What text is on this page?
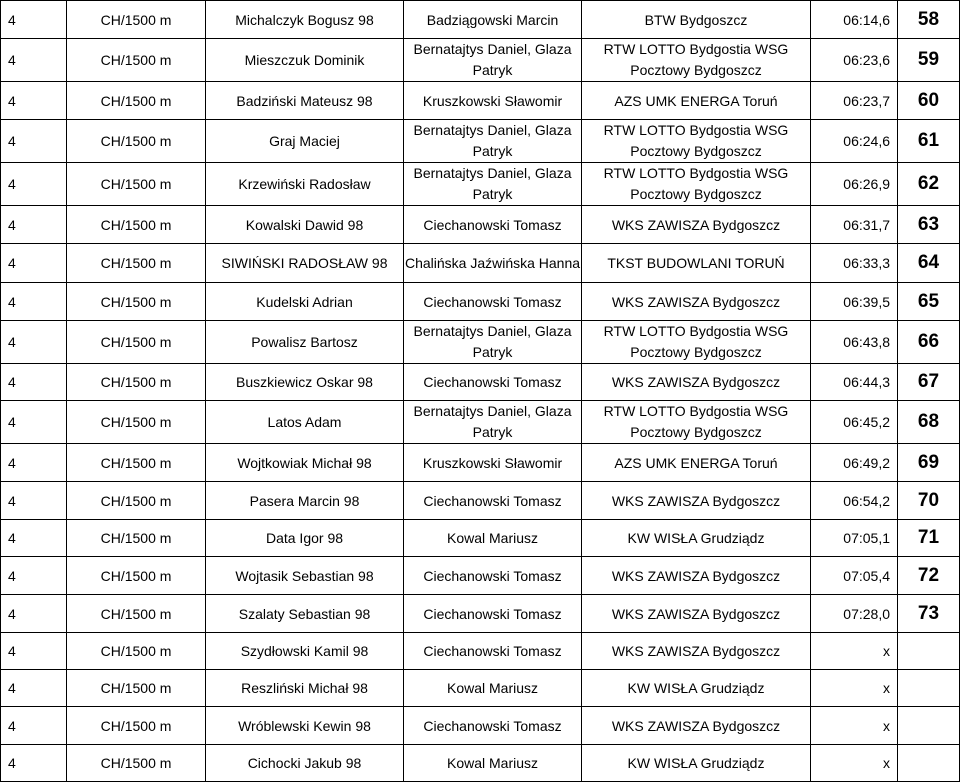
4	CH/1500 m	Michalczyk Bogusz 98	Badziągowski Marcin	BTW Bydgoszcz	06:14,6	58
4	CH/1500 m	Mieszczuk Dominik	Bernatajtys Daniel, Glaza Patryk	RTW LOTTO Bydgostia WSG Pocztowy Bydgoszcz	06:23,6	59
4	CH/1500 m	Badziński Mateusz 98	Kruszkowski Sławomir	AZS UMK ENERGA Toruń	06:23,7	60
4	CH/1500 m	Graj Maciej	Bernatajtys Daniel, Glaza Patryk	RTW LOTTO Bydgostia WSG Pocztowy Bydgoszcz	06:24,6	61
4	CH/1500 m	Krzewiński Radosław	Bernatajtys Daniel, Glaza Patryk	RTW LOTTO Bydgostia WSG Pocztowy Bydgoszcz	06:26,9	62
4	CH/1500 m	Kowalski Dawid 98	Ciechanowski Tomasz	WKS ZAWISZA Bydgoszcz	06:31,7	63
4	CH/1500 m	SIWIŃSKI RADOSŁAW 98	Chalińska Jaźwińska Hanna	TKST BUDOWLANI TORUŃ	06:33,3	64
4	CH/1500 m	Kudelski Adrian	Ciechanowski Tomasz	WKS ZAWISZA Bydgoszcz	06:39,5	65
4	CH/1500 m	Powalisz Bartosz	Bernatajtys Daniel, Glaza Patryk	RTW LOTTO Bydgostia WSG Pocztowy Bydgoszcz	06:43,8	66
4	CH/1500 m	Buszkiewicz Oskar 98	Ciechanowski Tomasz	WKS ZAWISZA Bydgoszcz	06:44,3	67
4	CH/1500 m	Latos Adam	Bernatajtys Daniel, Glaza Patryk	RTW LOTTO Bydgostia WSG Pocztowy Bydgoszcz	06:45,2	68
4	CH/1500 m	Wojtkowiak Michał 98	Kruszkowski Sławomir	AZS UMK ENERGA Toruń	06:49,2	69
4	CH/1500 m	Pasera Marcin 98	Ciechanowski Tomasz	WKS ZAWISZA Bydgoszcz	06:54,2	70
4	CH/1500 m	Data Igor 98	Kowal Mariusz	KW WISŁA Grudziądz	07:05,1	71
4	CH/1500 m	Wojtasik Sebastian 98	Ciechanowski Tomasz	WKS ZAWISZA Bydgoszcz	07:05,4	72
4	CH/1500 m	Szalaty Sebastian 98	Ciechanowski Tomasz	WKS ZAWISZA Bydgoszcz	07:28,0	73
4	CH/1500 m	Szydłowski Kamil 98	Ciechanowski Tomasz	WKS ZAWISZA Bydgoszcz	x	
4	CH/1500 m	Reszliński Michał 98	Kowal Mariusz	KW WISŁA Grudziądz	x	
4	CH/1500 m	Wróblewski Kewin 98	Ciechanowski Tomasz	WKS ZAWISZA Bydgoszcz	x	
4	CH/1500 m	Cichocki Jakub 98	Kowal Mariusz	KW WISŁA Grudziądz	x	
